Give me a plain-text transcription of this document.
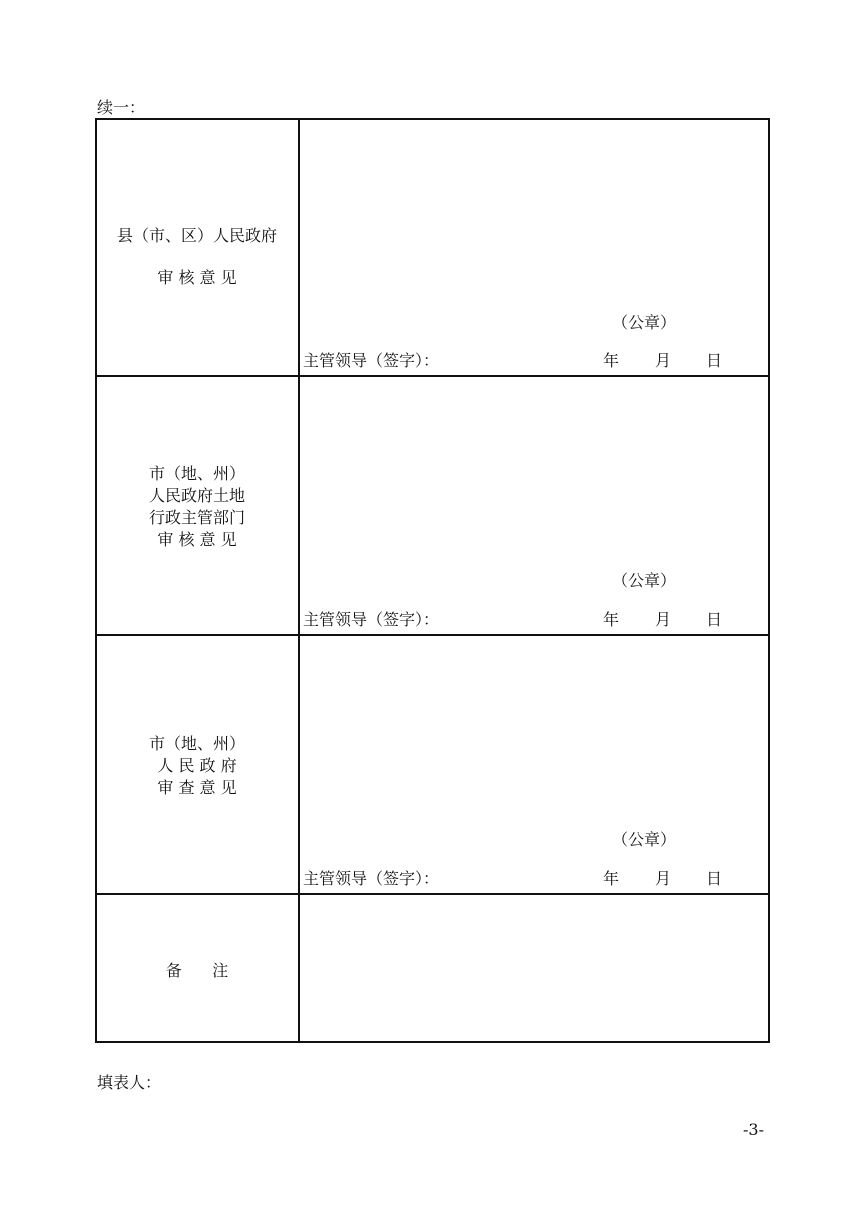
续一：
县（市、区）人民政府
审 核 意 见
（公章）
主管领导（签字）：	年 月 日
市（地、州）
人民政府土地
行政主管部门
审 核 意 见
（公章）
主管领导（签字）：	年 月 日
市（地、州）
人 民 政 府
审 查 意 见
（公章）
主管领导（签字）：	年 月 日
备      注
填表人：
-3-
